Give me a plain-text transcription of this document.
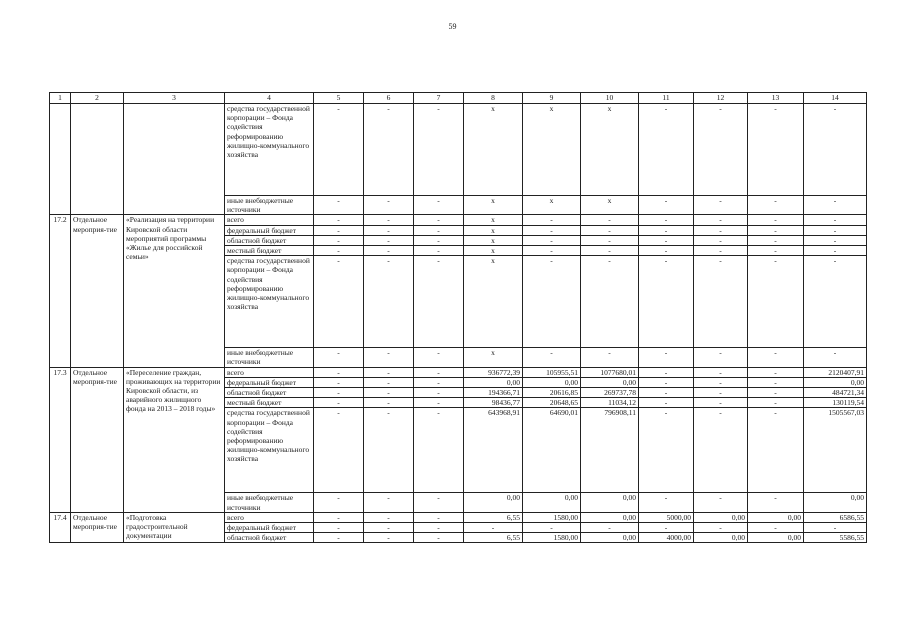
59
1	2	3	4	5	6	7	8	9	10	11	12	13	14
			средства государственной корпорации – Фонда содействия реформированию жилищно-коммунального хозяйства	-	-	-	x	x	x	-	-	-	-
			иные внебюджетные источники	-	-	-	x	x	x	-	-	-	-
17.2	Отдельное мероприя-тие	«Реализация на территории Кировской области мероприятий программы «Жилье для российской семьи»	всего	-	-	-	x	-	-	-	-	-	-
			федеральный бюджет	-	-	-	x	-	-	-	-	-	-
			областной бюджет	-	-	-	x	-	-	-	-	-	-
			местный бюджет	-	-	-	x	-	-	-	-	-	-
			средства государственной корпорации – Фонда содействия реформированию жилищно-коммунального хозяйства	-	-	-	x	-	-	-	-	-	-
			иные внебюджетные источники	-	-	-	x	-	-	-	-	-	-
17.3	Отдельное мероприя-тие	«Переселение граждан, проживающих на территории Кировской области, из аварийного жилищного фонда на 2013 – 2018 годы»	всего	-	-	-	936772,39	105955,51	1077680,01	-	-	-	2120407,91
			федеральный бюджет	-	-	-	0,00	0,00	0,00	-	-	-	0,00
			областной бюджет	-	-	-	194366,71	20616,85	269737,78	-	-	-	484721,34
			местный бюджет	-	-	-	98436,77	20648,65	11034,12	-	-	-	130119,54
			средства государственной корпорации – Фонда содействия реформированию жилищно-коммунального хозяйства	-	-	-	643968,91	64690,01	796908,11	-	-	-	1505567,03
			иные внебюджетные источники	-	-	-	0,00	0,00	0,00	-	-	-	0,00
17.4	Отдельное мероприя-тие	«Подготовка градостроительной документации	всего	-	-	-	6,55	1580,00	0,00	5000,00	0,00	0,00	6586,55
			федеральный бюджет	-	-	-	-	-	-	-	-	-	-
			областной бюджет	-	-	-	6,55	1580,00	0,00	4000,00	0,00	0,00	5586,55
